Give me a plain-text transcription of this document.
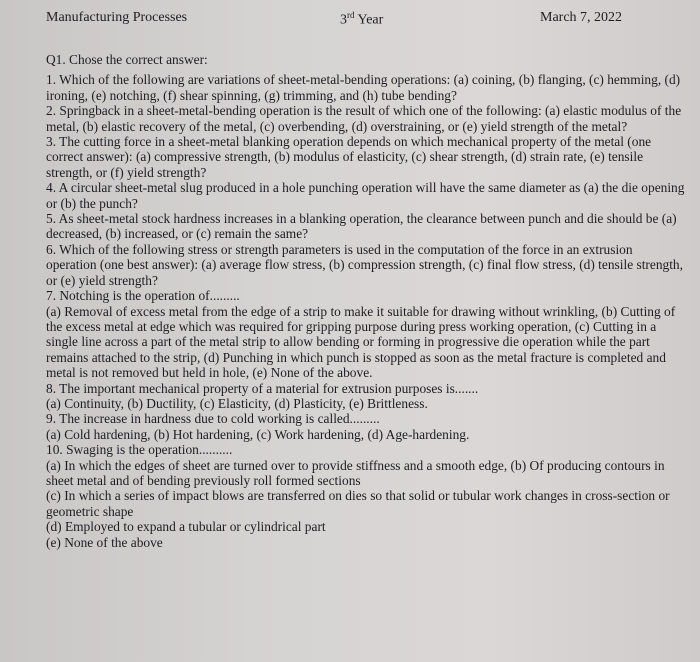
Manufacturing Processes	3rd Year	March 7, 2022

Q1. Chose the correct answer:

1. Which of the following are variations of sheet-metal-bending operations: (a) coining, (b) flanging, (c) hemming, (d) ironing, (e) notching, (f) shear spinning, (g) trimming, and (h) tube bending?

2. Springback in a sheet-metal-bending operation is the result of which one of the following: (a) elastic modulus of the metal, (b) elastic recovery of the metal, (c) overbending, (d) overstraining, or (e) yield strength of the metal?

3. The cutting force in a sheet-metal blanking operation depends on which mechanical property of the metal (one correct answer): (a) compressive strength, (b) modulus of elasticity, (c) shear strength, (d) strain rate, (e) tensile strength, or (f) yield strength?

4. A circular sheet-metal slug produced in a hole punching operation will have the same diameter as (a) the die opening or (b) the punch?

5. As sheet-metal stock hardness increases in a blanking operation, the clearance between punch and die should be (a) decreased, (b) increased, or (c) remain the same?

6. Which of the following stress or strength parameters is used in the computation of the force in an extrusion operation (one best answer): (a) average flow stress, (b) compression strength, (c) final flow stress, (d) tensile strength, or (e) yield strength?

7. Notching is the operation of.........

(a) Removal of excess metal from the edge of a strip to make it suitable for drawing without wrinkling, (b) Cutting of the excess metal at edge which was required for gripping purpose during press working operation, (c) Cutting in a single line across a part of the metal strip to allow bending or forming in progressive die operation while the part remains attached to the strip, (d) Punching in which punch is stopped as soon as the metal fracture is completed and metal is not removed but held in hole, (e) None of the above.

8. The important mechanical property of a material for extrusion purposes is.......

(a) Continuity, (b) Ductility, (c) Elasticity, (d) Plasticity, (e) Brittleness.

9. The increase in hardness due to cold working is called.........

(a) Cold hardening, (b) Hot hardening, (c) Work hardening, (d) Age-hardening.

10. Swaging is the operation..........

(a) In which the edges of sheet are turned over to provide stiffness and a smooth edge, (b) Of producing contours in sheet metal and of bending previously roll formed sections

(c) In which a series of impact blows are transferred on dies so that solid or tubular work changes in cross-section or geometric shape

(d) Employed to expand a tubular or cylindrical part

(e) None of the above
